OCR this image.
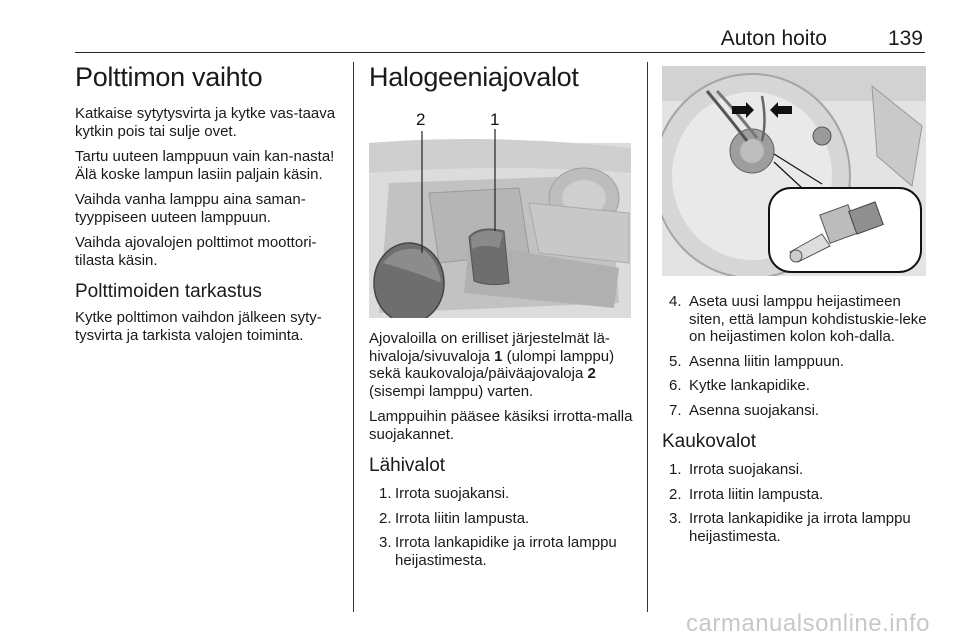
Auton hoito	139
Polttimon vaihto

Katkaise sytytysvirta ja kytke vas-taava kytkin pois tai sulje ovet.

Tartu uuteen lamppuun vain kan-nasta! Älä koske lampun lasiin paljain käsin.

Vaihda vanha lamppu aina saman-tyyppiseen uuteen lamppuun.

Vaihda ajovalojen polttimot moottori-tilasta käsin.

Polttimoiden tarkastus

Kytke polttimon vaihdon jälkeen syty-tysvirta ja tarkista valojen toiminta.

Halogeeniajovalot
2	1

Ajovaloilla on erilliset järjestelmät lä-hivaloja/sivuvaloja 1 (ulompi lamppu) sekä kaukovaloja/päiväajovaloja 2 (sisempi lamppu) varten.

Lamppuihin pääsee käsiksi irrotta-malla suojakannet.

Lähivalot
1. Irrota suojakansi.
2. Irrota liitin lampusta.
3. Irrota lankapidike ja irrota lamppu heijastimesta.
4. Aseta uusi lamppu heijastimeen siten, että lampun kohdistuskie-leke on heijastimen kolon koh-dalla.
5. Asenna liitin lamppuun.
6. Kytke lankapidike.
7. Asenna suojakansi.
Kaukovalot
1. Irrota suojakansi.
2. Irrota liitin lampusta.
3. Irrota lankapidike ja irrota lamppu heijastimesta.
carmanualsonline.info
